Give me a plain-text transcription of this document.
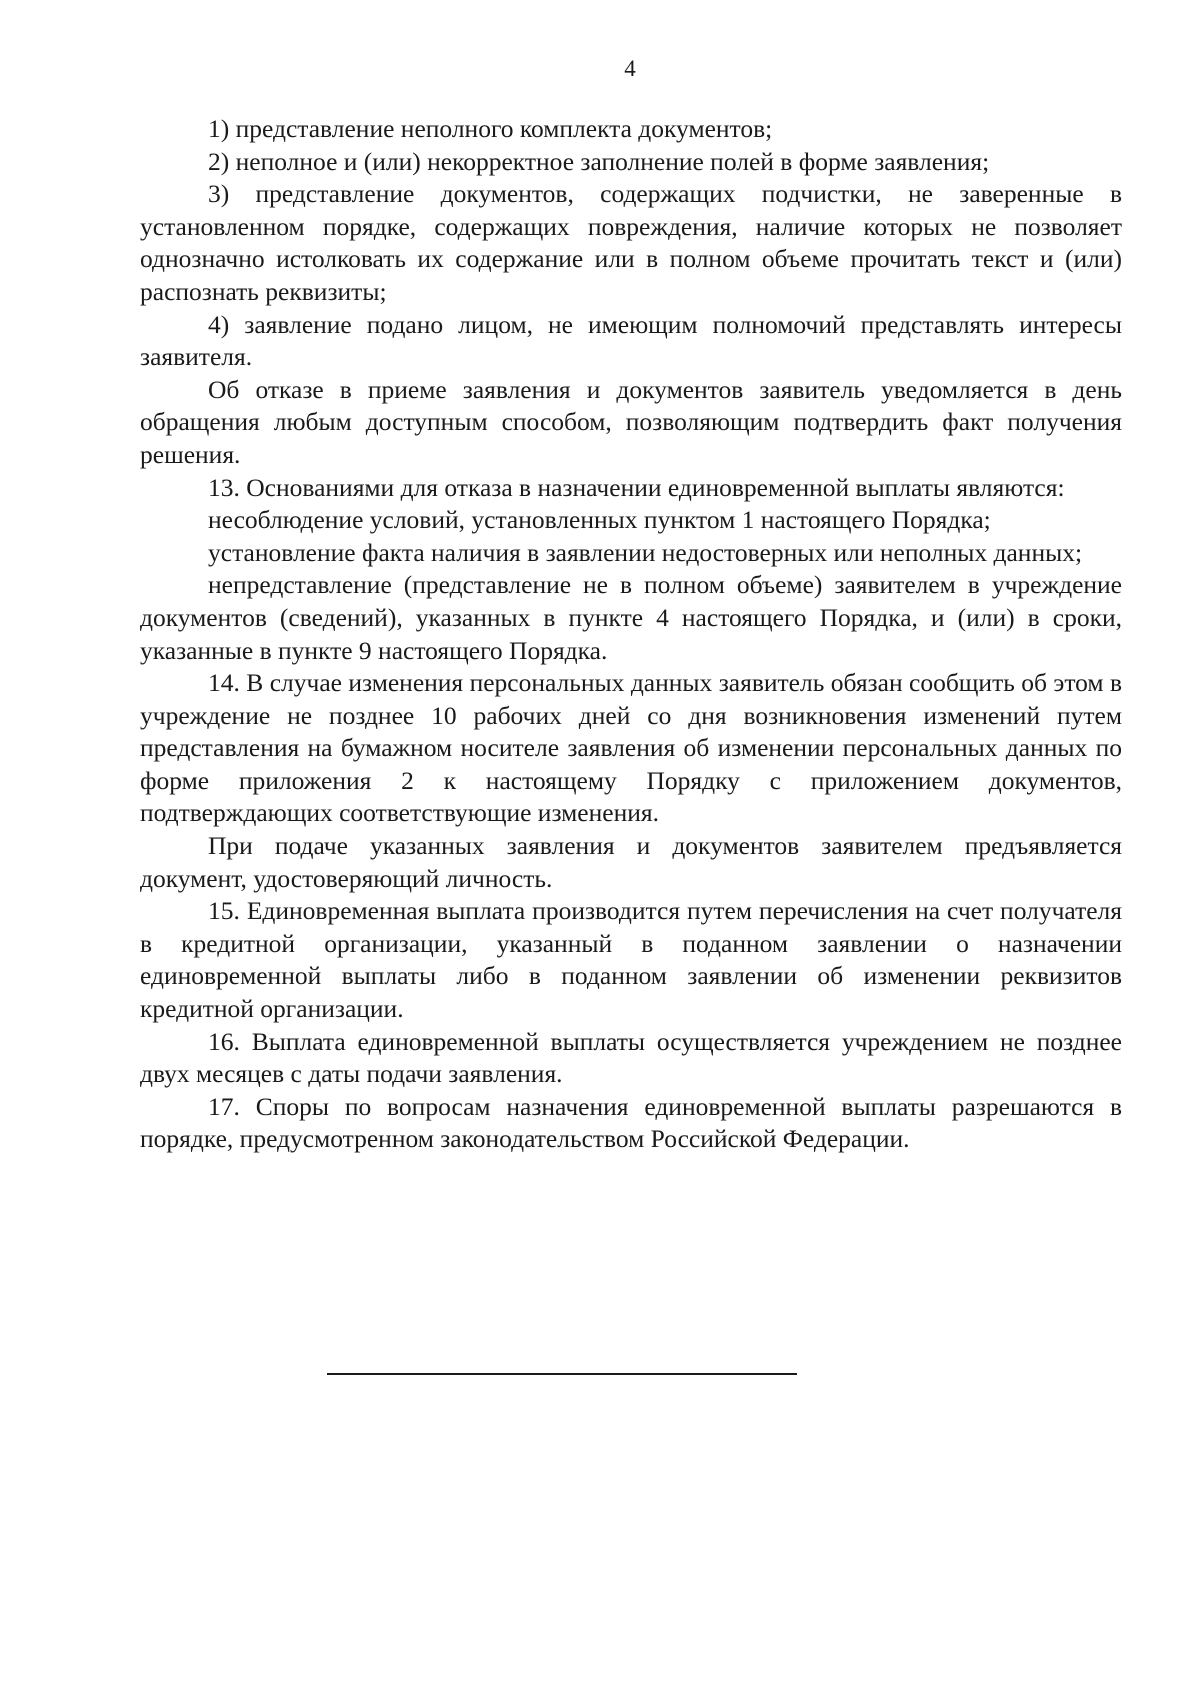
4

1) представление неполного комплекта документов;

2) неполное и (или) некорректное заполнение полей в форме заявления;

3) представление документов, содержащих подчистки, не заверенные в установленном порядке, содержащих повреждения, наличие которых не позволяет однозначно истолковать их содержание или в полном объеме прочитать текст и (или) распознать реквизиты;

4) заявление подано лицом, не имеющим полномочий представлять интересы заявителя.

Об отказе в приеме заявления и документов заявитель уведомляется в день обращения любым доступным способом, позволяющим подтвердить факт получения решения.

13. Основаниями для отказа в назначении единовременной выплаты являются:

несоблюдение условий, установленных пунктом 1 настоящего Порядка;

установление факта наличия в заявлении недостоверных или неполных данных;

непредставление (представление не в полном объеме) заявителем в учреждение документов (сведений), указанных в пункте 4 настоящего Порядка, и (или) в сроки, указанные в пункте 9 настоящего Порядка.

14. В случае изменения персональных данных заявитель обязан сообщить об этом в учреждение не позднее 10 рабочих дней со дня возникновения изменений путем представления на бумажном носителе заявления об изменении персональных данных по форме приложения 2 к настоящему Порядку с приложением документов, подтверждающих соответствующие изменения.

При подаче указанных заявления и документов заявителем предъявляется документ, удостоверяющий личность.

15. Единовременная выплата производится путем перечисления на счет получателя в кредитной организации, указанный в поданном заявлении о назначении единовременной выплаты либо в поданном заявлении об изменении реквизитов кредитной организации.

16. Выплата единовременной выплаты осуществляется учреждением не позднее двух месяцев с даты подачи заявления.

17. Споры по вопросам назначения единовременной выплаты разрешаются в порядке, предусмотренном законодательством Российской Федерации.
